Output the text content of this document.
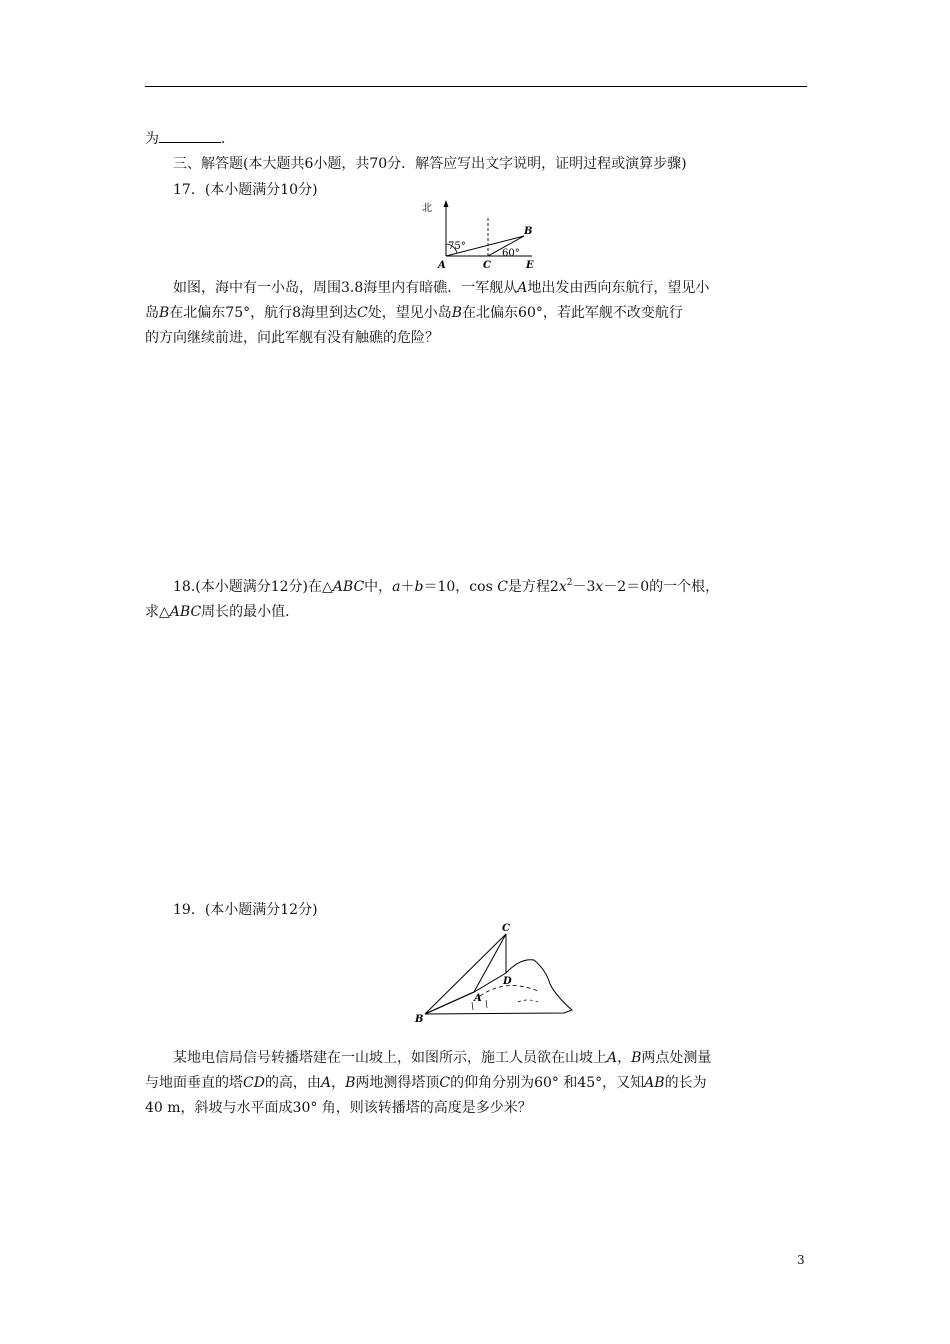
为	.
三、解答题(本大题共6小题，共70分．解答应写出文字说明，证明过程或演算步骤)
17．(本小题满分10分)
北
75°
60°
A	C	E
B
如图，海中有一小岛，周围3.8海里内有暗礁．一军舰从A地出发由西向东航行，望见小
岛B在北偏东75°，航行8海里到达C处，望见小岛B在北偏东60°，若此军舰不改变航行
的方向继续前进，问此军舰有没有触礁的危险？
18.(本小题满分12分)在△ABC中，a＋b＝10，cos C是方程$2x^2-3x-2=0$的一个根，
求△ABC周长的最小值．
19．(本小题满分12分)
C
D
A
B
某地电信局信号转播塔建在一山坡上，如图所示，施工人员欲在山坡上A，B两点处测量
与地面垂直的塔CD的高，由A，B两地测得塔顶C的仰角分别为60° 和45°，又知AB的长为
40 m，斜坡与水平面成30° 角，则该转播塔的高度是多少米？
3
